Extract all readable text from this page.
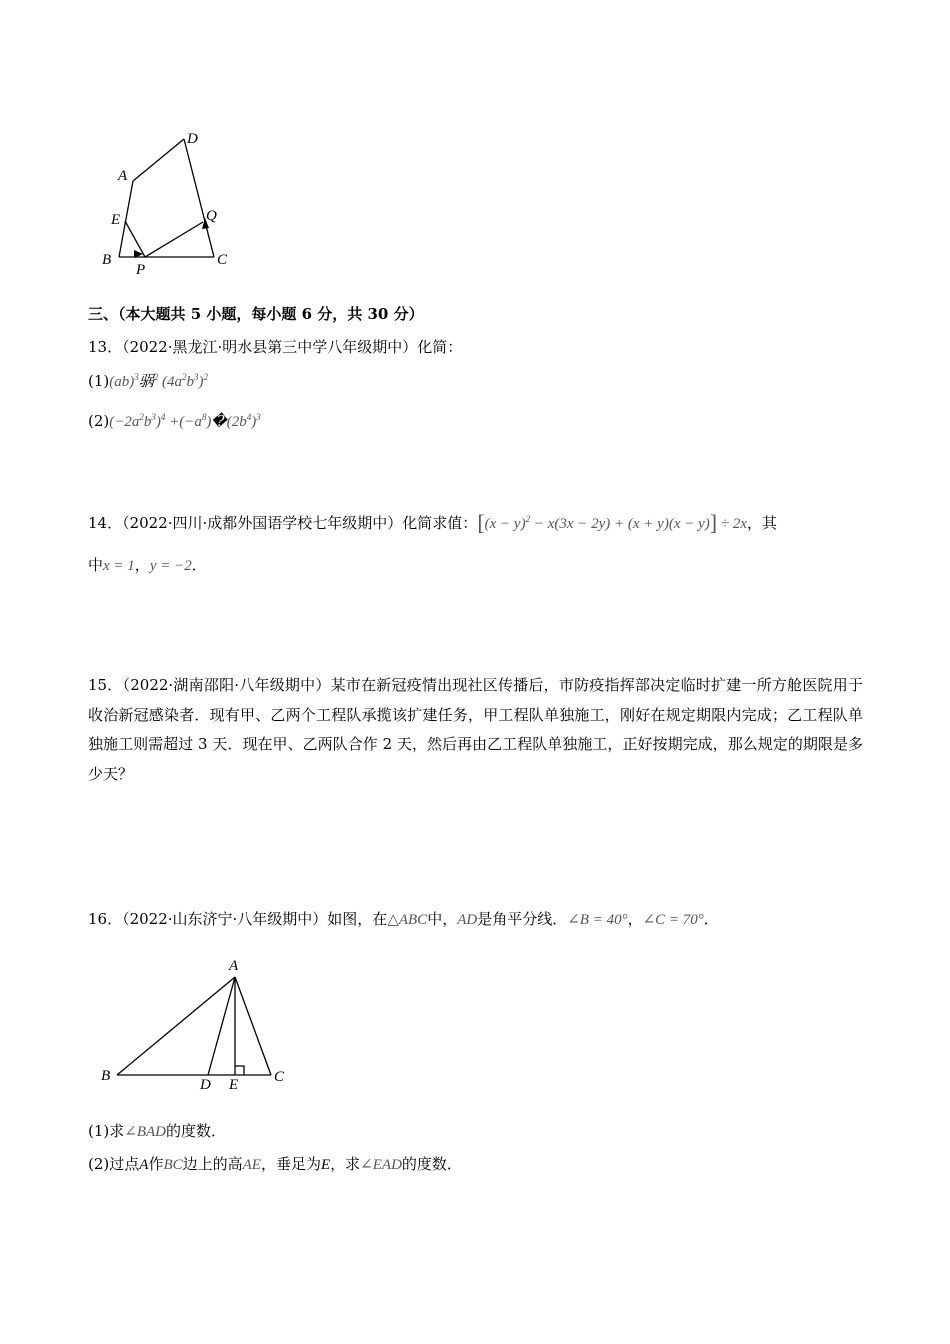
D
A
E	Q
B	C
P
三、（本大题共 5 小题，每小题 6 分，共 30 分）
13．（2022·黑龙江·明水县第三中学八年级期中）化简：
(1)(ab)$^3$䯄$^2$ $(4a^2b^3)^2$
$(2)(-2a^2b^3)^4$ $+(-a^8)�(2b^4)^3$
14．（2022·四川·成都外国语学校七年级期中）化简求值：$[(x - y)^2 - x(3x - 2y) + (x + y)(x - y)] \div 2x$，其
中x = 1，y = −2．
15．（2022·湖南邵阳·八年级期中）某市在新冠疫情出现社区传播后，市防疫指挥部决定临时扩建一所方舱医院用于收治新冠感染者．现有甲、乙两个工程队承揽该扩建任务，甲工程队单独施工，刚好在规定期限内完成；乙工程队单独施工则需超过 3 天．现在甲、乙两队合作 2 天，然后再由乙工程队单独施工，正好按期完成，那么规定的期限是多少天？
16．（2022·山东济宁·八年级期中）如图，在△ABC中，AD是角平分线．∠B = 40°，∠C = 70°．
A
B	C
D E
(1)求∠BAD的度数．
(2)过点A作BC边上的高AE，垂足为E，求∠EAD的度数．
